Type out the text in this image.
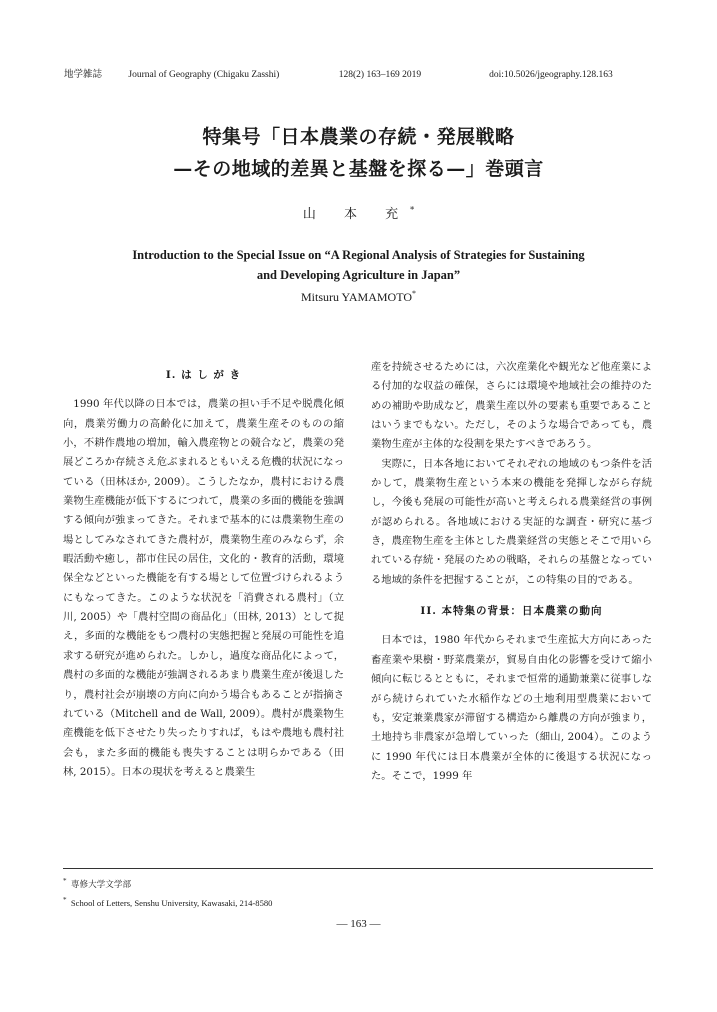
地学雑誌	Journal of Geography (Chigaku Zasshi)	128(2) 163–169 2019	doi:10.5026/jgeography.128.163
特集号「日本農業の存続・発展戦略
—その地域的差異と基盤を探る—」巻頭言
山 本 充*
Introduction to the Special Issue on “A Regional Analysis of Strategies for Sustaining
and Developing Agriculture in Japan”
Mitsuru YAMAMOTO*
I. は し が き

1990 年代以降の日本では，農業の担い手不足や脱農化傾向，農業労働力の高齢化に加えて，農業生産そのものの縮小，不耕作農地の増加，輸入農産物との競合など，農業の発展どころか存続さえ危ぶまれるともいえる危機的状況になっている（田林ほか, 2009）。こうしたなか，農村における農業物生産機能が低下するにつれて，農業の多面的機能を強調する傾向が強まってきた。それまで基本的には農業物生産の場としてみなされてきた農村が，農業物生産のみならず，余暇活動や癒し，都市住民の居住，文化的・教育的活動，環境保全などといった機能を有する場として位置づけられるようにもなってきた。このような状況を「消費される農村」（立川, 2005）や「農村空間の商品化」（田林, 2013）として捉え，多面的な機能をもつ農村の実態把握と発展の可能性を追求する研究が進められた。しかし，過度な商品化によって，農村の多面的な機能が強調されるあまり農業生産が後退したり，農村社会が崩壊の方向に向かう場合もあることが指摘されている（Mitchell and de Wall, 2009）。農村が農業物生産機能を低下させたり失ったりすれば，もはや農地も農村社会も，また多面的機能も喪失することは明らかである（田林, 2015）。日本の現状を考えると農業生

産を持続させるためには，六次産業化や観光など他産業による付加的な収益の確保，さらには環境や地域社会の維持のための補助や助成など，農業生産以外の要素も重要であることはいうまでもない。ただし，そのような場合であっても，農業物生産が主体的な役割を果たすべきであろう。

実際に，日本各地においてそれぞれの地域のもつ条件を活かして，農業物生産という本来の機能を発揮しながら存続し，今後も発展の可能性が高いと考えられる農業経営の事例が認められる。各地域における実証的な調査・研究に基づき，農産物生産を主体とした農業経営の実態とそこで用いられている存続・発展のための戦略，それらの基盤となっている地域的条件を把握することが，この特集の目的である。

II. 本特集の背景：日本農業の動向

日本では，1980 年代からそれまで生産拡大方向にあった畜産業や果樹・野菜農業が，貿易自由化の影響を受けて縮小傾向に転じるとともに，それまで恒常的通勤兼業に従事しながら続けられていた水稲作などの土地利用型農業においても，安定兼業農家が滞留する構造から離農の方向が強まり，土地持ち非農家が急増していった（細山, 2004）。このように 1990 年代には日本農業が全体的に後退する状況になった。そこで，1999 年

* 専修大学文学部
* School of Letters, Senshu University, Kawasaki, 214-8580
— 163 —
